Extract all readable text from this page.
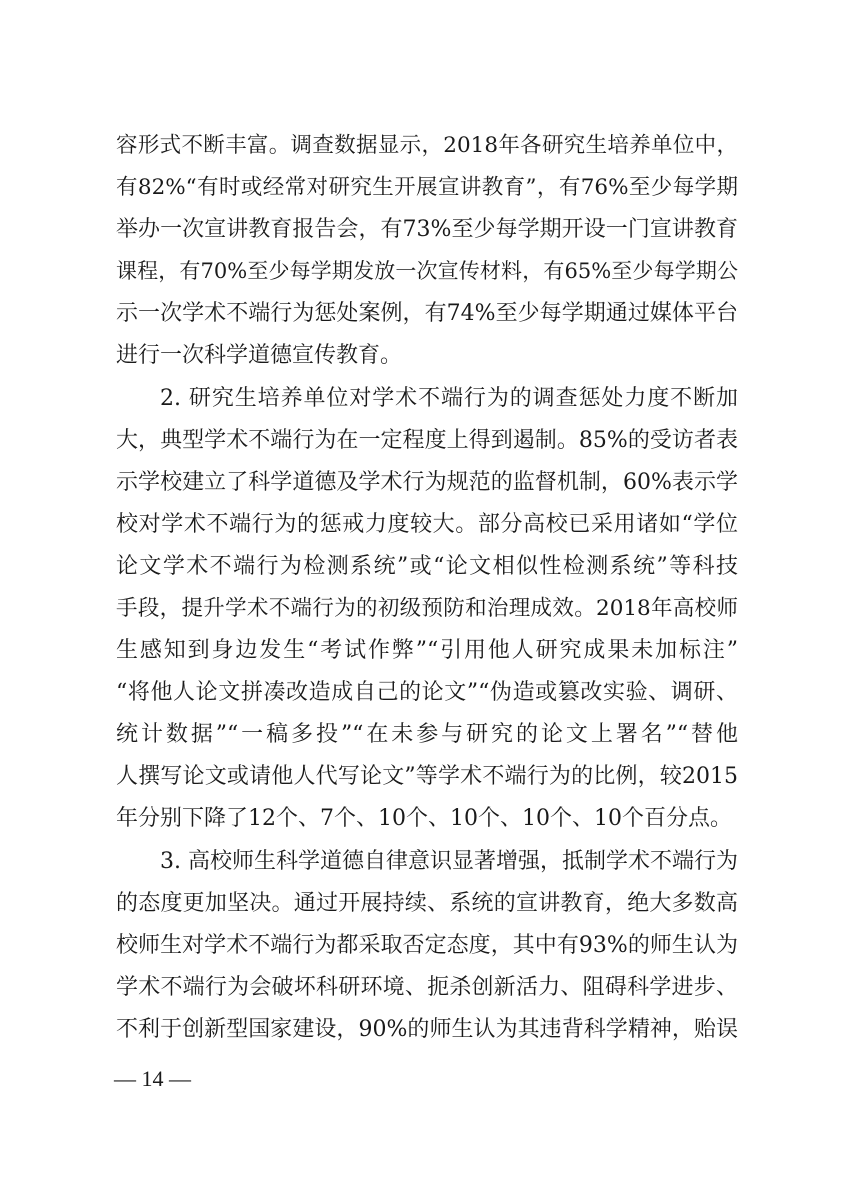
容形式不断丰富。调查数据显示，2018年各研究生培养单位中，

有82%“有时或经常对研究生开展宣讲教育”，有76%至少每学期

举办一次宣讲教育报告会，有73%至少每学期开设一门宣讲教育

课程，有70%至少每学期发放一次宣传材料，有65%至少每学期公

示一次学术不端行为惩处案例，有74%至少每学期通过媒体平台

进行一次科学道德宣传教育。

2. 研究生培养单位对学术不端行为的调查惩处力度不断加

大，典型学术不端行为在一定程度上得到遏制。85%的受访者表

示学校建立了科学道德及学术行为规范的监督机制，60%表示学

校对学术不端行为的惩戒力度较大。部分高校已采用诸如“学位

论文学术不端行为检测系统”或“论文相似性检测系统”等科技

手段，提升学术不端行为的初级预防和治理成效。2018年高校师

生感知到身边发生“考试作弊”“引用他人研究成果未加标注”

“将他人论文拼凑改造成自己的论文”“伪造或篡改实验、调研、

统计数据”“一稿多投”“在未参与研究的论文上署名”“替他

人撰写论文或请他人代写论文”等学术不端行为的比例，较2015

年分别下降了12个、7个、10个、10个、10个、10个百分点。

3. 高校师生科学道德自律意识显著增强，抵制学术不端行为

的态度更加坚决。通过开展持续、系统的宣讲教育，绝大多数高

校师生对学术不端行为都采取否定态度，其中有93%的师生认为

学术不端行为会破坏科研环境、扼杀创新活力、阻碍科学进步、

不利于创新型国家建设，90%的师生认为其违背科学精神，贻误

— 14 —
